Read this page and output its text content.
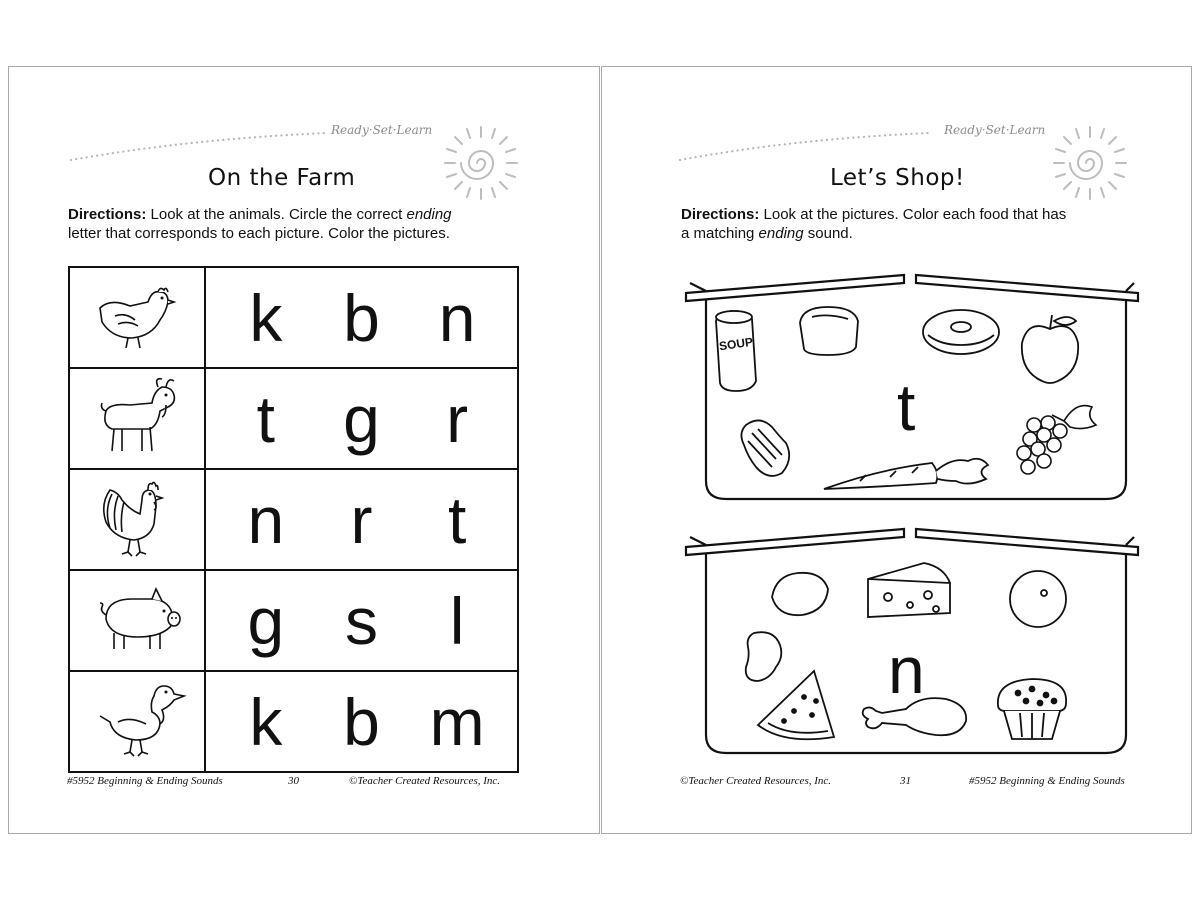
Ready·Set·Learn
On the Farm
Directions: Look at the animals. Circle the correct ending
letter that corresponds to each picture. Color the pictures.

k b n

t g r

n r t

g s l

k b m
#5952 Beginning & Ending Sounds	30	©Teacher Created Resources, Inc.
Ready·Set·Learn
Let’s Shop!
Directions: Look at the pictures. Color each food that has
a matching ending sound.
SOUP
t
n
©Teacher Created Resources, Inc.	31	#5952 Beginning & Ending Sounds
